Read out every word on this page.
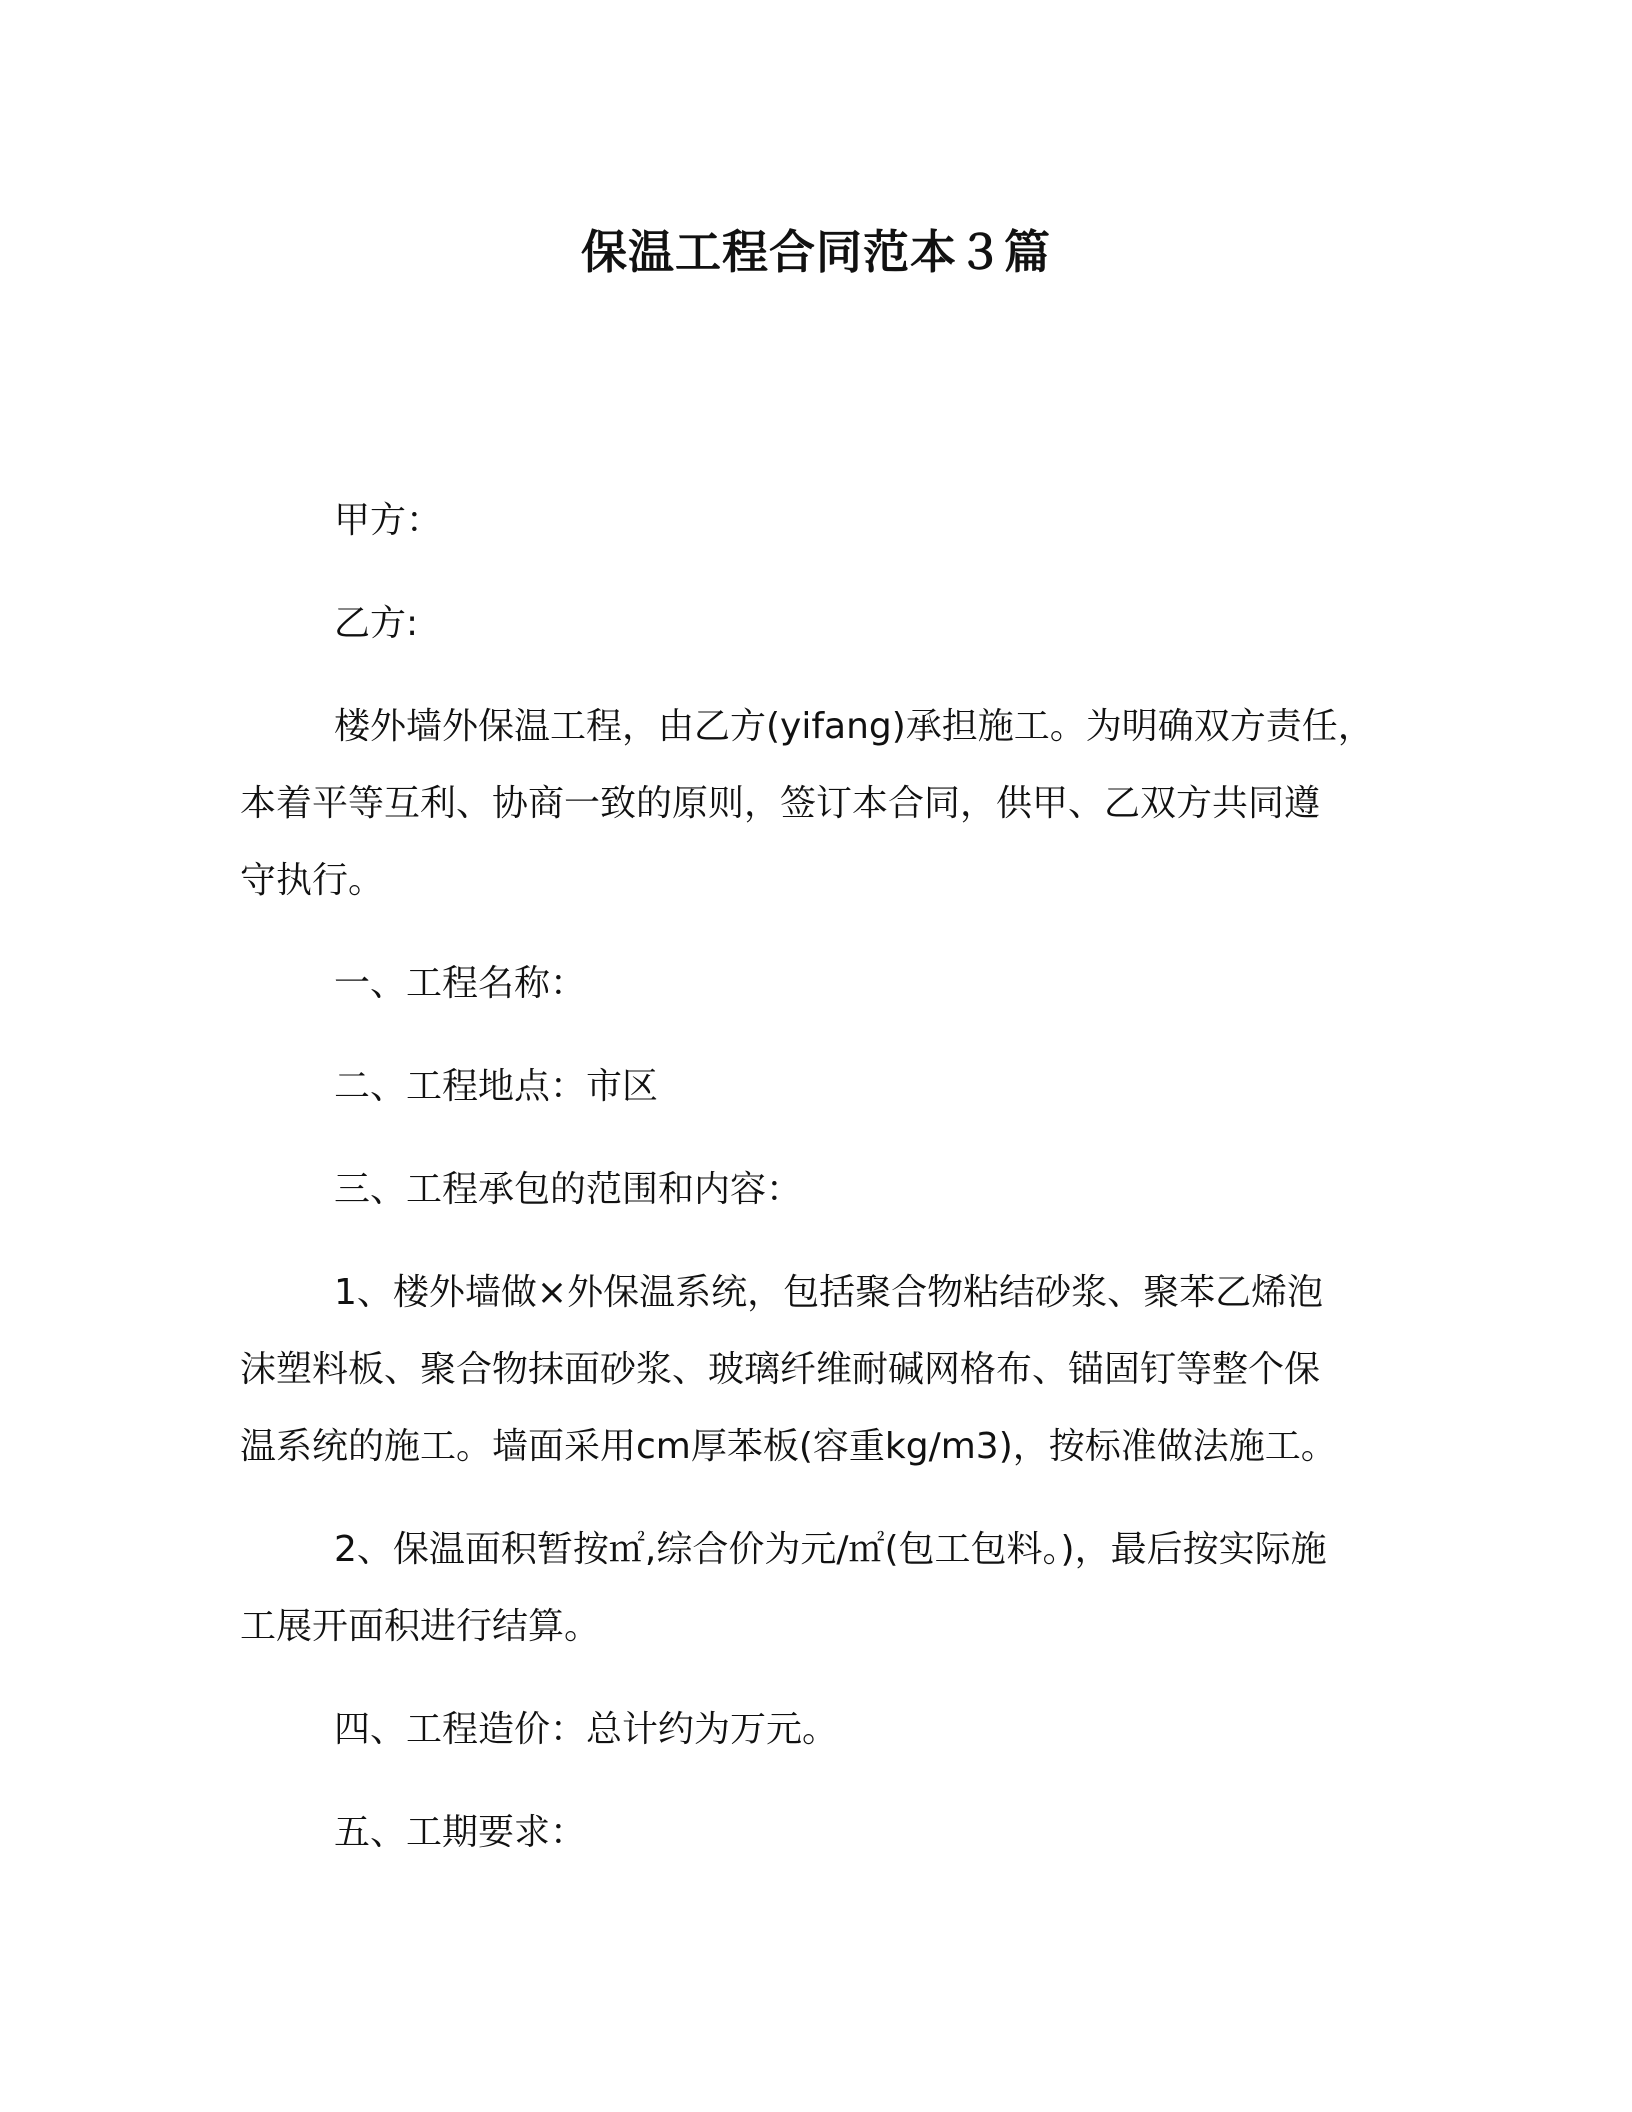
保温工程合同范本３篇
甲方：
乙方:
楼外墙外保温工程，由乙方(yifang)承担施工。为明确双方责任，
本着平等互利、协商一致的原则，签订本合同，供甲、乙双方共同遵
守执行。
一、工程名称：
二、工程地点：市区
三、工程承包的范围和内容：
1、楼外墙做×外保温系统，包括聚合物粘结砂浆、聚苯乙烯泡
沫塑料板、聚合物抹面砂浆、玻璃纤维耐碱网格布、锚固钉等整个保
温系统的施工。墙面采用cm厚苯板(容重kg/m3)，按标准做法施工。
2、保温面积暂按㎡,综合价为元/㎡(包工包料。)，最后按实际施
工展开面积进行结算。
四、工程造价：总计约为万元。
五、工期要求：
